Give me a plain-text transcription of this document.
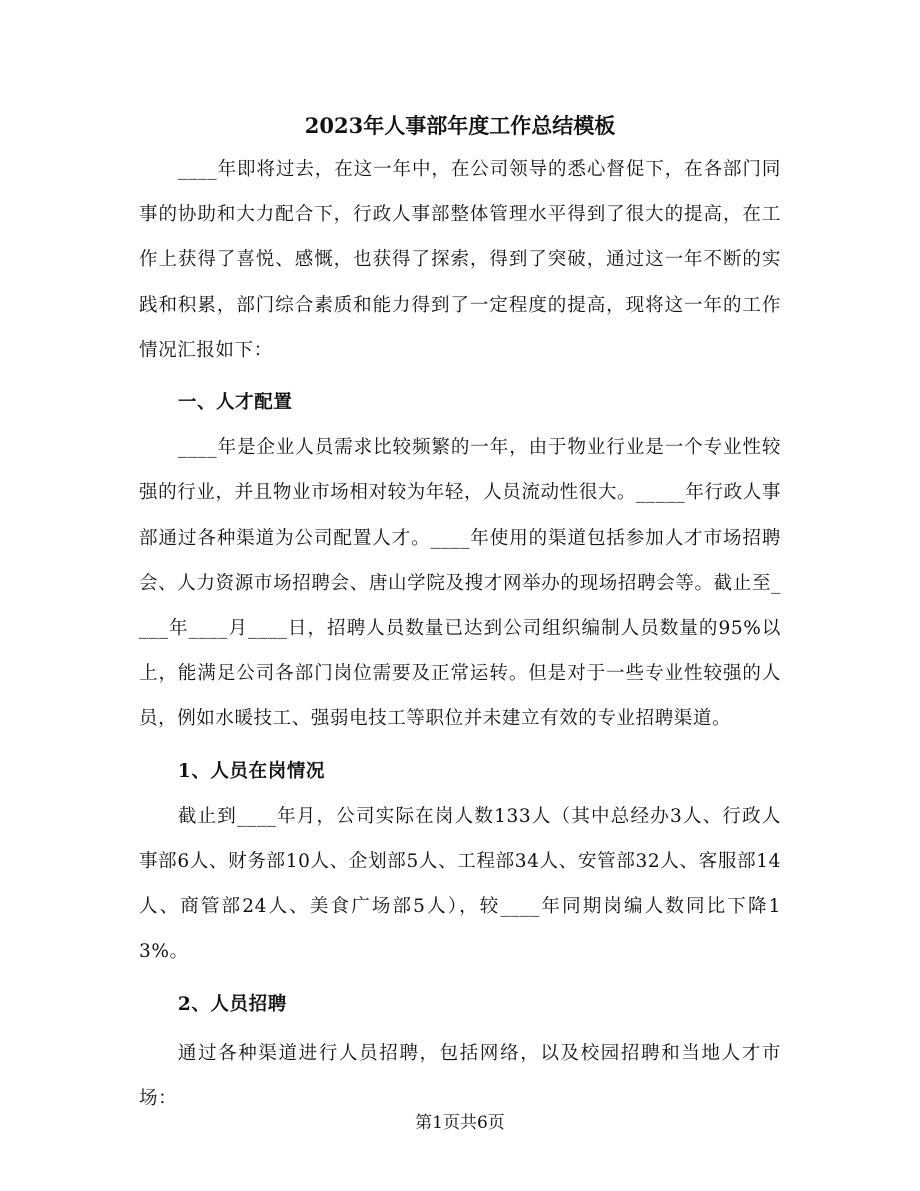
2023年人事部年度工作总结模板

____年即将过去，在这一年中，在公司领导的悉心督促下，在各部门同事的协助和大力配合下，行政人事部整体管理水平得到了很大的提高，在工作上获得了喜悦、感慨，也获得了探索，得到了突破，通过这一年不断的实践和积累，部门综合素质和能力得到了一定程度的提高，现将这一年的工作情况汇报如下：

一、人才配置

____年是企业人员需求比较频繁的一年，由于物业行业是一个专业性较强的行业，并且物业市场相对较为年轻，人员流动性很大。_____年行政人事部通过各种渠道为公司配置人才。____年使用的渠道包括参加人才市场招聘会、人力资源市场招聘会、唐山学院及搜才网举办的现场招聘会等。截止至____年____月____日，招聘人员数量已达到公司组织编制人员数量的95%以上，能满足公司各部门岗位需要及正常运转。但是对于一些专业性较强的人员，例如水暖技工、强弱电技工等职位并未建立有效的专业招聘渠道。

1、人员在岗情况

截止到____年月，公司实际在岗人数133人（其中总经办3人、行政人事部6人、财务部10人、企划部5人、工程部34人、安管部32人、客服部14人、商管部24人、美食广场部5人），较____年同期岗编人数同比下降13%。

2、人员招聘

通过各种渠道进行人员招聘，包括网络，以及校园招聘和当地人才市场：

第1页共6页
